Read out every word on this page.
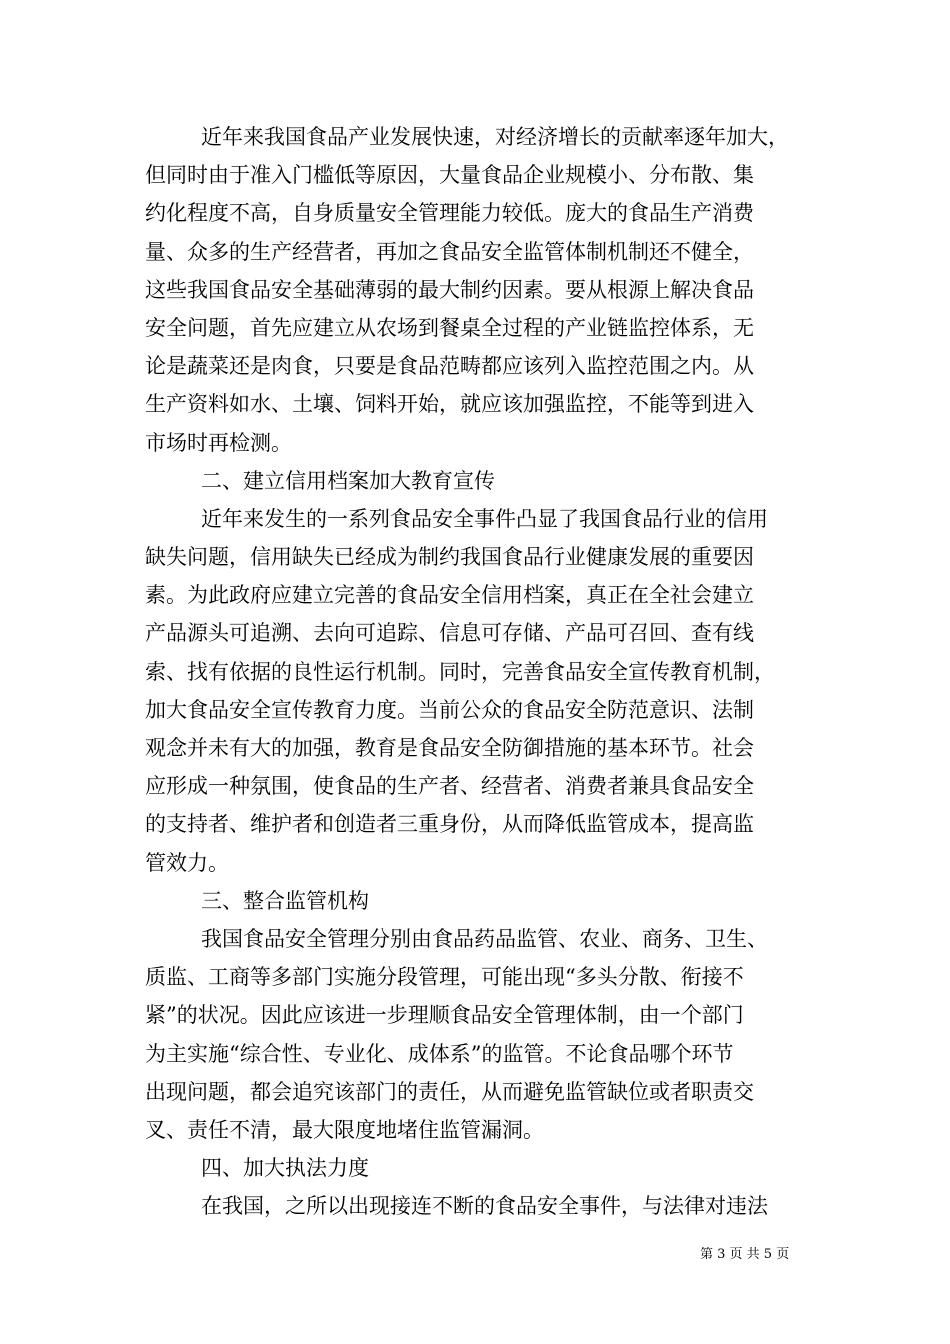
近年来我国食品产业发展快速，对经济增长的贡献率逐年加大，
但同时由于准入门槛低等原因，大量食品企业规模小、分布散、集
约化程度不高，自身质量安全管理能力较低。庞大的食品生产消费
量、众多的生产经营者，再加之食品安全监管体制机制还不健全，
这些我国食品安全基础薄弱的最大制约因素。要从根源上解决食品
安全问题，首先应建立从农场到餐桌全过程的产业链监控体系，无
论是蔬菜还是肉食，只要是食品范畴都应该列入监控范围之内。从
生产资料如水、土壤、饲料开始，就应该加强监控，不能等到进入
市场时再检测。
二、建立信用档案加大教育宣传
近年来发生的一系列食品安全事件凸显了我国食品行业的信用
缺失问题，信用缺失已经成为制约我国食品行业健康发展的重要因
素。为此政府应建立完善的食品安全信用档案，真正在全社会建立
产品源头可追溯、去向可追踪、信息可存储、产品可召回、查有线
索、找有依据的良性运行机制。同时，完善食品安全宣传教育机制，
加大食品安全宣传教育力度。当前公众的食品安全防范意识、法制
观念并未有大的加强，教育是食品安全防御措施的基本环节。社会
应形成一种氛围，使食品的生产者、经营者、消费者兼具食品安全
的支持者、维护者和创造者三重身份，从而降低监管成本，提高监
管效力。
三、整合监管机构
我国食品安全管理分别由食品药品监管、农业、商务、卫生、
质监、工商等多部门实施分段管理，可能出现“多头分散、衔接不
紧”的状况。因此应该进一步理顺食品安全管理体制，由一个部门
为主实施“综合性、专业化、成体系”的监管。不论食品哪个环节
出现问题，都会追究该部门的责任，从而避免监管缺位或者职责交
叉、责任不清，最大限度地堵住监管漏洞。
四、加大执法力度
在我国，之所以出现接连不断的食品安全事件，与法律对违法
第 3 页 共 5 页
